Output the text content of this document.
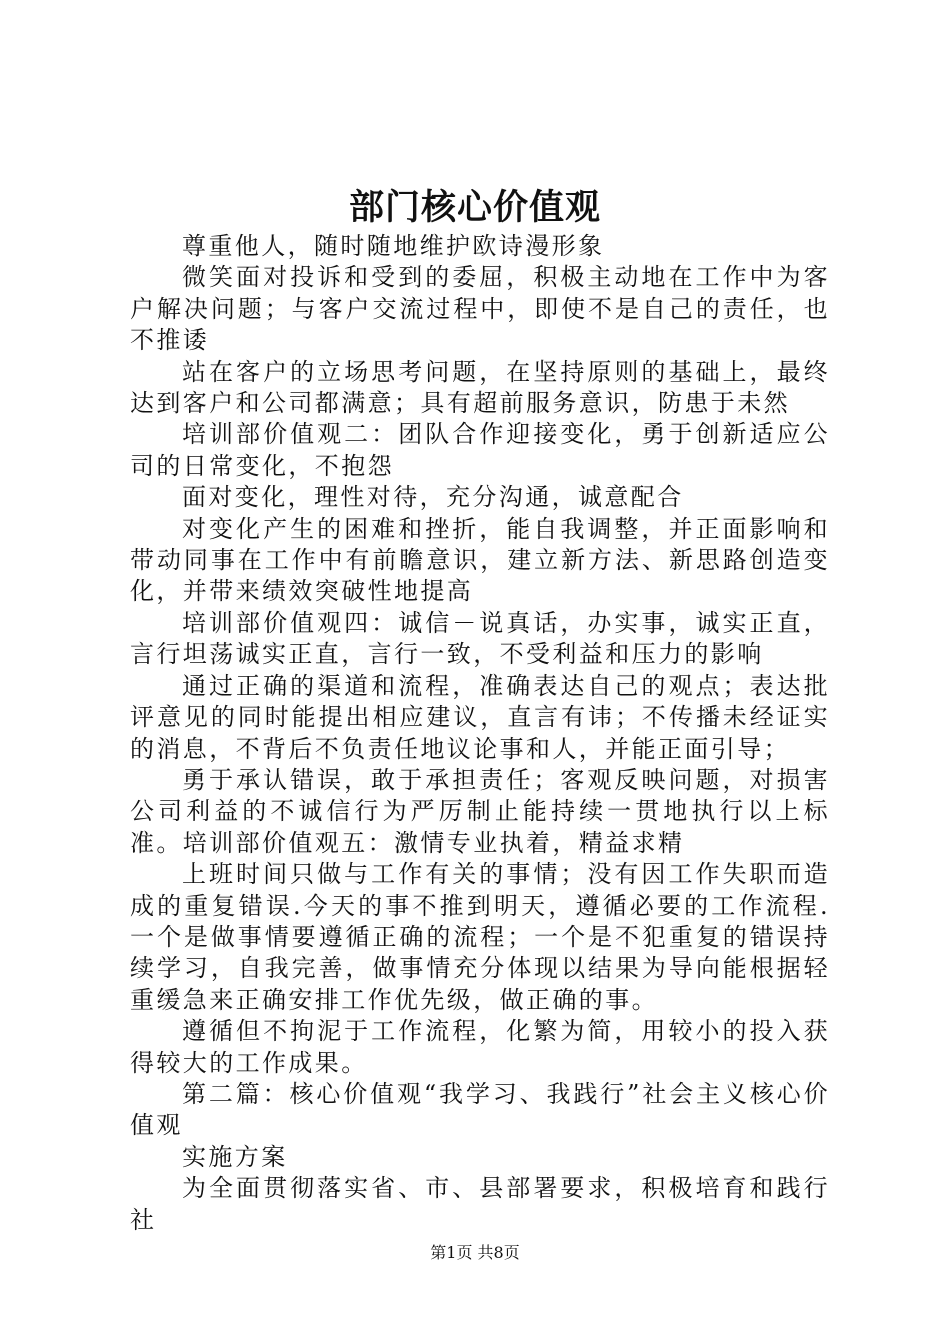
部门核心价值观

尊重他人，随时随地维护欧诗漫形象

微笑面对投诉和受到的委屈，积极主动地在工作中为客户解决问题；与客户交流过程中，即使不是自己的责任，也不推诿

站在客户的立场思考问题，在坚持原则的基础上，最终达到客户和公司都满意；具有超前服务意识，防患于未然

培训部价值观二：团队合作迎接变化，勇于创新适应公司的日常变化，不抱怨

面对变化，理性对待，充分沟通，诚意配合

对变化产生的困难和挫折，能自我调整，并正面影响和带动同事在工作中有前瞻意识，建立新方法、新思路创造变化，并带来绩效突破性地提高

培训部价值观四：诚信－说真话，办实事，诚实正直，言行坦荡诚实正直，言行一致，不受利益和压力的影响

通过正确的渠道和流程，准确表达自己的观点；表达批评意见的同时能提出相应建议，直言有讳；不传播未经证实的消息，不背后不负责任地议论事和人，并能正面引导；

勇于承认错误，敢于承担责任；客观反映问题，对损害公司利益的不诚信行为严厉制止能持续一贯地执行以上标准。培训部价值观五：激情专业执着，精益求精

上班时间只做与工作有关的事情；没有因工作失职而造成的重复错误.今天的事不推到明天，遵循必要的工作流程.一个是做事情要遵循正确的流程；一个是不犯重复的错误持续学习，自我完善，做事情充分体现以结果为导向能根据轻重缓急来正确安排工作优先级，做正确的事。

遵循但不拘泥于工作流程，化繁为简，用较小的投入获得较大的工作成果。

第二篇：核心价值观“我学习、我践行”社会主义核心价值观

实施方案

为全面贯彻落实省、市、县部署要求，积极培育和践行社

第1页 共8页
